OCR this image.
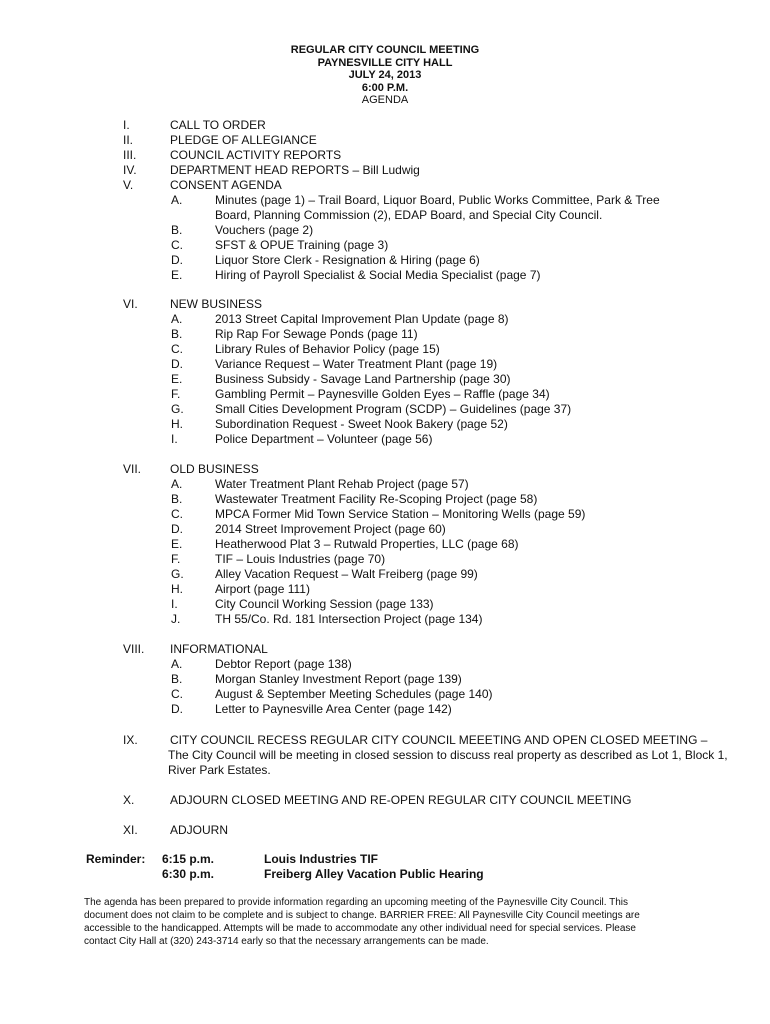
REGULAR CITY COUNCIL MEETING
PAYNESVILLE CITY HALL
JULY 24, 2013
6:00 P.M.
AGENDA
I.	CALL TO ORDER
II.	PLEDGE OF ALLEGIANCE
III.	COUNCIL ACTIVITY REPORTS
IV.	DEPARTMENT HEAD REPORTS – Bill Ludwig
V.	CONSENT AGENDA
A.	Minutes (page 1) – Trail Board, Liquor Board, Public Works Committee, Park & Tree
Board, Planning Commission (2), EDAP Board, and Special City Council.
B.	Vouchers (page 2)
C.	SFST & OPUE Training (page 3)
D.	Liquor Store Clerk - Resignation & Hiring (page 6)
E.	Hiring of Payroll Specialist & Social Media Specialist (page 7)
VI.	NEW BUSINESS
A.	2013 Street Capital Improvement Plan Update (page 8)
B.	Rip Rap For Sewage Ponds (page 11)
C.	Library Rules of Behavior Policy (page 15)
D.	Variance Request – Water Treatment Plant (page 19)
E.	Business Subsidy - Savage Land Partnership (page 30)
F.	Gambling Permit – Paynesville Golden Eyes – Raffle (page 34)
G.	Small Cities Development Program (SCDP) – Guidelines (page 37)
H.	Subordination Request - Sweet Nook Bakery (page 52)
I.	Police Department – Volunteer (page 56)
VII. OLD BUSINESS
A.	Water Treatment Plant Rehab Project (page 57)
B.	Wastewater Treatment Facility Re-Scoping Project (page 58)
C.	MPCA Former Mid Town Service Station – Monitoring Wells (page 59)
D.	2014 Street Improvement Project (page 60)
E.	Heatherwood Plat 3 – Rutwald Properties, LLC (page 68)
F.	TIF – Louis Industries (page 70)
G.	Alley Vacation Request – Walt Freiberg (page 99)
H.	Airport (page 111)
I.	City Council Working Session (page 133)
J.	TH 55/Co. Rd. 181 Intersection Project (page 134)
VIII. INFORMATIONAL
A.	Debtor Report (page 138)
B.	Morgan Stanley Investment Report (page 139)
C.	August & September Meeting Schedules (page 140)
D.	Letter to Paynesville Area Center (page 142)
IX.	CITY COUNCIL RECESS REGULAR CITY COUNCIL MEEETING AND OPEN CLOSED MEETING –
The City Council will be meeting in closed session to discuss real property as described as Lot 1, Block 1, River Park Estates.
X.	ADJOURN CLOSED MEETING AND RE-OPEN REGULAR CITY COUNCIL MEETING
XI.	ADJOURN
Reminder: 6:15 p.m.	Louis Industries TIF
6:30 p.m.	Freiberg Alley Vacation Public Hearing
The agenda has been prepared to provide information regarding an upcoming meeting of the Paynesville City Council. This
document does not claim to be complete and is subject to change. BARRIER FREE: All Paynesville City Council meetings are
accessible to the handicapped. Attempts will be made to accommodate any other individual need for special services. Please
contact City Hall at (320) 243-3714 early so that the necessary arrangements can be made.
